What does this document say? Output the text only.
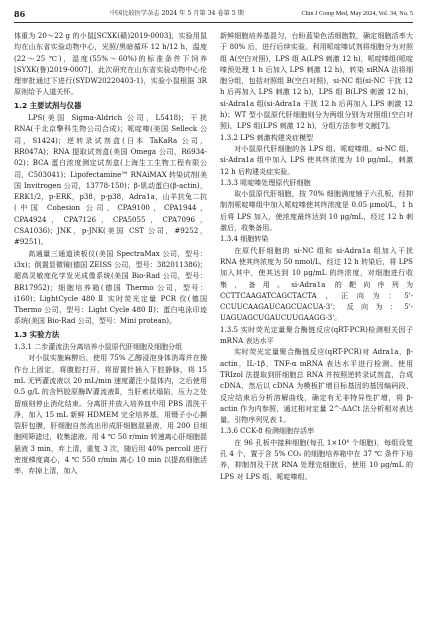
86	中国比较医学杂志 2024 年 5 月第 34 卷第 5 期	Chin J Comp Med, May 2024, Vol. 34, No. 5

体重为 20～22 g 的小鼠[SCXK(赣)2019-0003]，实验用鼠均在山东省实验动物中心，光照/黑暗循环 12 h/12 h，温度(22～25 ℃)，湿度(55%～60%)的标准条件下饲养[SYXK(鲁)2019-0007]，此次研究在山东省实验动物中心伦理审批通过下进行(SYDW20220403-1)，实验小鼠根据 3R 原则给予人道关怀。

1.2 主要试剂与仪器

LPS(美国 Sigma-Aldrich 公司，L5418)；干扰 RNA(千北京擎科生物公司合成)；哌啶嗪(美国 Selleck 公司，S1424)；逆转录试剂盒(日本 TaKaRa 公司，RR047A)；RNA 提取试剂盒(美国 Omega 公司，R6934-02)；BCA 蛋白浓度测定试剂盒(上海生工生物工程有限公司，C503041)；Lipofectamine™ RNAiMAX 转染试剂(美国 Invitrogen 公司，13778-150)；β-肌动蛋白(β-actin)，ERK1/2，p-ERK，p38，p-p38，Adra1a，山羊抗兔二抗(中国 Cohesion 公司，CPA9100，CPA1944，CPA4924，CPA7126，CPA5055，CPA7096，CSA1036)；JNK，p-JNK(美国 CST 公司，#9252，#9251)。

高通量三通道读板仪(美国 SpectraMax 公司，型号：i3x)；倒置显微镜(德国 ZEISS 公司，型号：382011386)；超高灵敏度化学发光成像系统(美国 Bio-Rad 公司，型号：BR17952)；细胞培养箱(德国 Thermo 公司，型号：i160)；LightCycle 480 Ⅱ 实时荧光定量 PCR 仪(德国 Thermo 公司，型号：Light Cycle 480 Ⅱ)；蛋白电泳印迹系统(美国 Bio-Rad 公司，型号：Mini protean)。

1.3 实验方法
1.3.1 二步灌流法分离培养小鼠原代肝细胞及细胞分组

对小鼠实施麻醉后，使用 75% 乙醇浸泡身体消毒并在操作台上固定，将腹腔打开，将留置针插入下腔静脉，将 15 mL 无钙灌流液以 20 mL/min 速度灌注小鼠体内，之后使用 0.5 g/L 的含钙胶原酶Ⅳ灌流液Ⅱ，当肝索状塌陷，压力之处留痕则停止消化结束。分离肝并放入培养皿中用 PBS 清洗干净，加入 15 mL 新鲜 HDMEM 完全培养基，用镊子小心撕裂肝包膜，肝细胞自然流出形成肝细胞混悬液，用 200 目细胞网筛滤过，收集滤液。用 4 ℃ 50 r/min 转速离心肝细胞混悬液 3 min，弃上清，重复 3 次，随后用 40% percoll 进行密度梯度离心，4 ℃ 550 r/min 离心 10 min 以提高细胞活率，弃掉上清，加入

新鲜细胞培养基混匀，台盼蓝染色活细胞数，确定细胞活率大于 80% 后，进行后续实验。利用哌啶嗪试剂将细胞分为对照组 A(空白对照)，LPS 组 A(LPS 刺激 12 h)，哌啶嗪组(哌啶嗪预处理 1 h 后加入 LPS 刺激 12 h)，转染 siRNA 法将细胞分组，包括对照组 B(空白对照)，si-NC 组(si-NC 干扰 12 h 后再加入 LPS 刺激 12 h)，LPS 组 B(LPS 刺激 12 h)，si-Adra1a 组(si-Adra1a 干扰 12 h 后再加入 LPS 刺激 12 h)；WT 型小鼠原代肝细胞则分为两组分别为对照组(空白对照)，LPS 组(LPS 刺激 12 h)，分组方法参考文献[7]。

1.3.2 LPS 刺激构建炎症模型

对小鼠原代肝细胞的各 LPS 组、哌啶嗪组、si-NC 组、si-Adra1a 组中加入 LPS 使其终浓度为 10 μg/mL，刺激 12 h 后构建炎症实验。

1.3.3 哌啶嗪处理原代肝细胞

取小鼠原代肝细胞，按 70% 细胞满度铺于六孔板，经抑制剂哌啶嗪组中加入哌啶嗪使其终浓度是 0.05 μmol/L，1 h 后将 LPS 加入，使浓度最终达到 10 μg/mL，经过 12 h 刺激后，收集备用。

1.3.4 细胞转染

在原代肝细胞的 si-NC 组和 si-Adra1a 组加入干扰 RNA 使其终浓度为 50 nmol/L，经过 12 h 转染后，将 LPS 加入其中，使其达到 10 μg/mL 的终浓度，对细胞进行收集，备用。si-Adra1a 的靶向序列为 CCTTCAAGATCAGCTACTA，正向为：5'-CCUUCAAGAUCAGCUACUA-3'；反向为：5'-UAGUAGCUGAUCUUGAAGG-3'。

1.3.5 实时荧光定量聚合酶链反应(qRT-PCR)检测相关因子 mRNA 表达水平

实时荧光定量聚合酶链反应(qRT-PCR)对 Adra1a，β-actin，IL-1β，TNF-α mRNA 表达水平进行检测。使用 TRIzol 法提取到肝细胞总 RNA 并按照逆转录试剂盒，合成 cDNA，然后以 cDNA 为模板扩增目标基因的基因编码段，反应结束后分析溶解曲线，确定有无非特异性扩增，将 β-actin 作为内参照，通过相对定量 2^-ΔΔCt 法分析相对表达量。引物序列见表 1。

1.3.6 CCK-8 检测细胞存活率

在 96 孔板中接种细胞(每孔 1×10⁴ 个细胞)，每组设复孔 4 个，置于含 5% CO₂ 的细胞培养箱中在 37 ℃ 条件下培养，抑制剂及干扰 RNA 处理完细胞后，使用 10 μg/mL 的 LPS 对 LPS 组、哌啶嗪组、
